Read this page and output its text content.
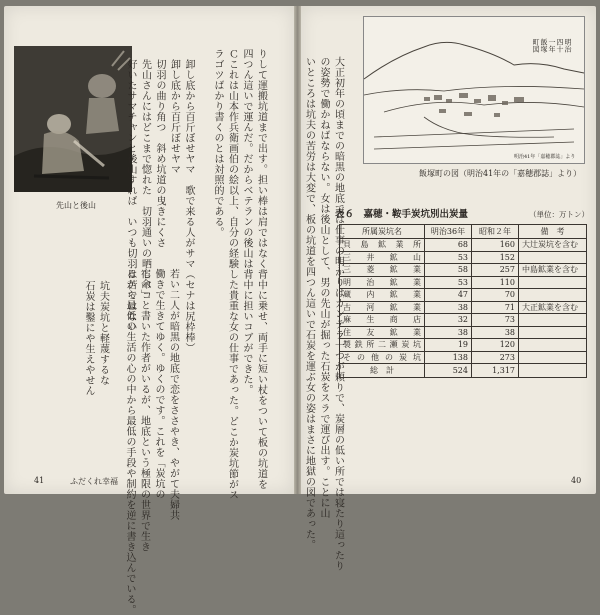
先山と後山	りして運搬坑道まで出す。担い棒は肩ではなく背中に乗せ、両手に短い杖をついて板の坑道を
四つん這いで運んだ。だからベテランの後山は背中に担いコブができた。
Ｃこれは山本作兵衛画伯の絵以上、自分の経験した貴重な女の仕事であった。どこか炭坑節がス
ラゴツばかり書くのとは対照的である。

　卸し底から百斤ぼせヤマ　歌で来る人がサマ（セナは尻枠棒）
　卸し底から百斤ぼせヤマ
　切羽の曲り角つ　斜め坑道の曳きにくさ
　先山さんにはどこまで惚れた　切羽通いの晒しベコ
　好いたサマチャンと後山すれば　いつも切羽は苦ではない

若い二人が暗黒の地底で恋をささやき、やがて夫婦共
働きで生きてゆく。ゆくのです。これを「炭坑の
宿命」と書いた作者がいるが、地底という極限の世界で生き
るから最低の生活の心の中から最低の手段や制約を逆に書き込んでいる。

坑夫炭坑と軽蔑するな
石炭は鑿にや生えやせん

41	ふだくれ幸福

明治
四十
一年
飯塚
町図

明治41年「嘉穂郡誌」より
飯塚町の図（明治41年の「嘉穂郡誌」より）

大正初年の頃までの暗黒の地底では仕事の明かりはカンテラ一つが頼りで、炭層の低い所では寝たり這ったり
の姿勢で働かねばならない。女は後山として、男の先山が掘った石炭をスラで運び出す。ことに山
いところは坑夫の苦労は大変で、板の坑道を四つん這いで石炭を運ぶ女の姿はまさに地獄の図であった。
	表６　嘉穂・鞍手炭坑別出炭量	（単位：万トン）
所属炭坑名	明治36年	昭和２年	備　考
貝島鉱業所	68	160	大辻炭坑を含む
三井鉱山	53	152	
三菱鉱業	58	257	中島鉱業を含む
明治鉱業	53	110	
蔵内鉱業	47	70	
古河鉱業	38	71	大正鉱業を含む
麻生商店	32	73	
住友鉱業	38	38	
製鉄所二瀬炭坑	19	120	
その他の炭坑	138	273	
総　計	524	1,317	
40
